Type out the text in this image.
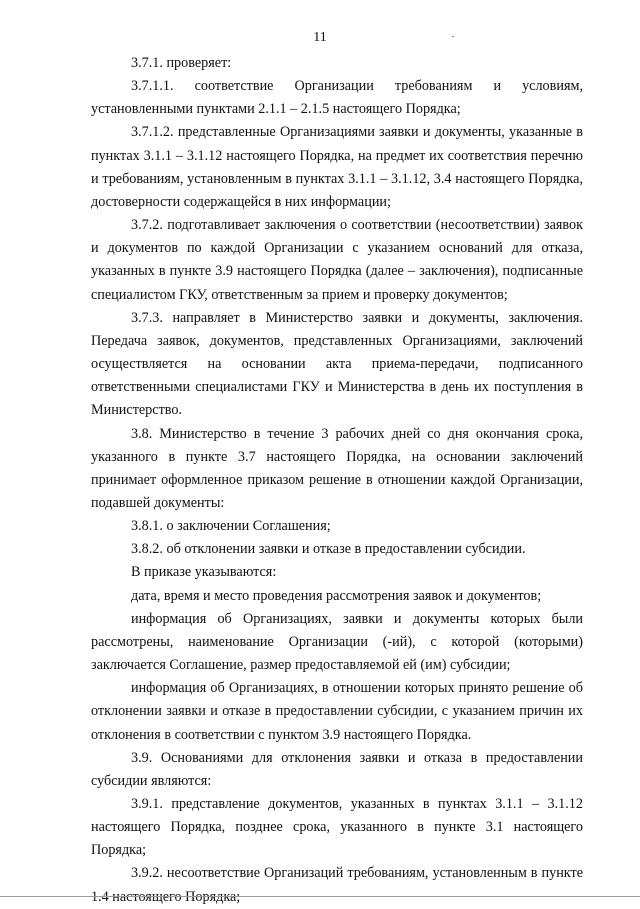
11

3.7.1. проверяет:

3.7.1.1. соответствие Организации требованиям и условиям, установленными пунктами 2.1.1 – 2.1.5 настоящего Порядка;

3.7.1.2. представленные Организациями заявки и документы, указанные в пунктах 3.1.1 – 3.1.12 настоящего Порядка, на предмет их соответствия перечню и требованиям, установленным в пунктах 3.1.1 – 3.1.12, 3.4 настоящего Порядка, достоверности содержащейся в них информации;

3.7.2. подготавливает заключения о соответствии (несоответствии) заявок и документов по каждой Организации с указанием оснований для отказа, указанных в пункте 3.9 настоящего Порядка (далее – заключения), подписанные специалистом ГКУ, ответственным за прием и проверку документов;

3.7.3. направляет в Министерство заявки и документы, заключения. Передача заявок, документов, представленных Организациями, заключений осуществляется на основании акта приема-передачи, подписанного ответственными специалистами ГКУ и Министерства в день их поступления в Министерство.

3.8. Министерство в течение 3 рабочих дней со дня окончания срока, указанного в пункте 3.7 настоящего Порядка, на основании заключений принимает оформленное приказом решение в отношении каждой Организации, подавшей документы:

3.8.1. о заключении Соглашения;

3.8.2. об отклонении заявки и отказе в предоставлении субсидии.

В приказе указываются:

дата, время и место проведения рассмотрения заявок и документов;

информация об Организациях, заявки и документы которых были рассмотрены, наименование Организации (-ий), с которой (которыми) заключается Соглашение, размер предоставляемой ей (им) субсидии;

информация об Организациях, в отношении которых принято решение об отклонении заявки и отказе в предоставлении субсидии, с указанием причин их отклонения в соответствии с пунктом 3.9 настоящего Порядка.

3.9. Основаниями для отклонения заявки и отказа в предоставлении субсидии являются:

3.9.1. представление документов, указанных в пунктах 3.1.1 – 3.1.12 настоящего Порядка, позднее срока, указанного в пункте 3.1 настоящего Порядка;

3.9.2. несоответствие Организаций требованиям, установленным в пункте 1.4 настоящего Порядка;
